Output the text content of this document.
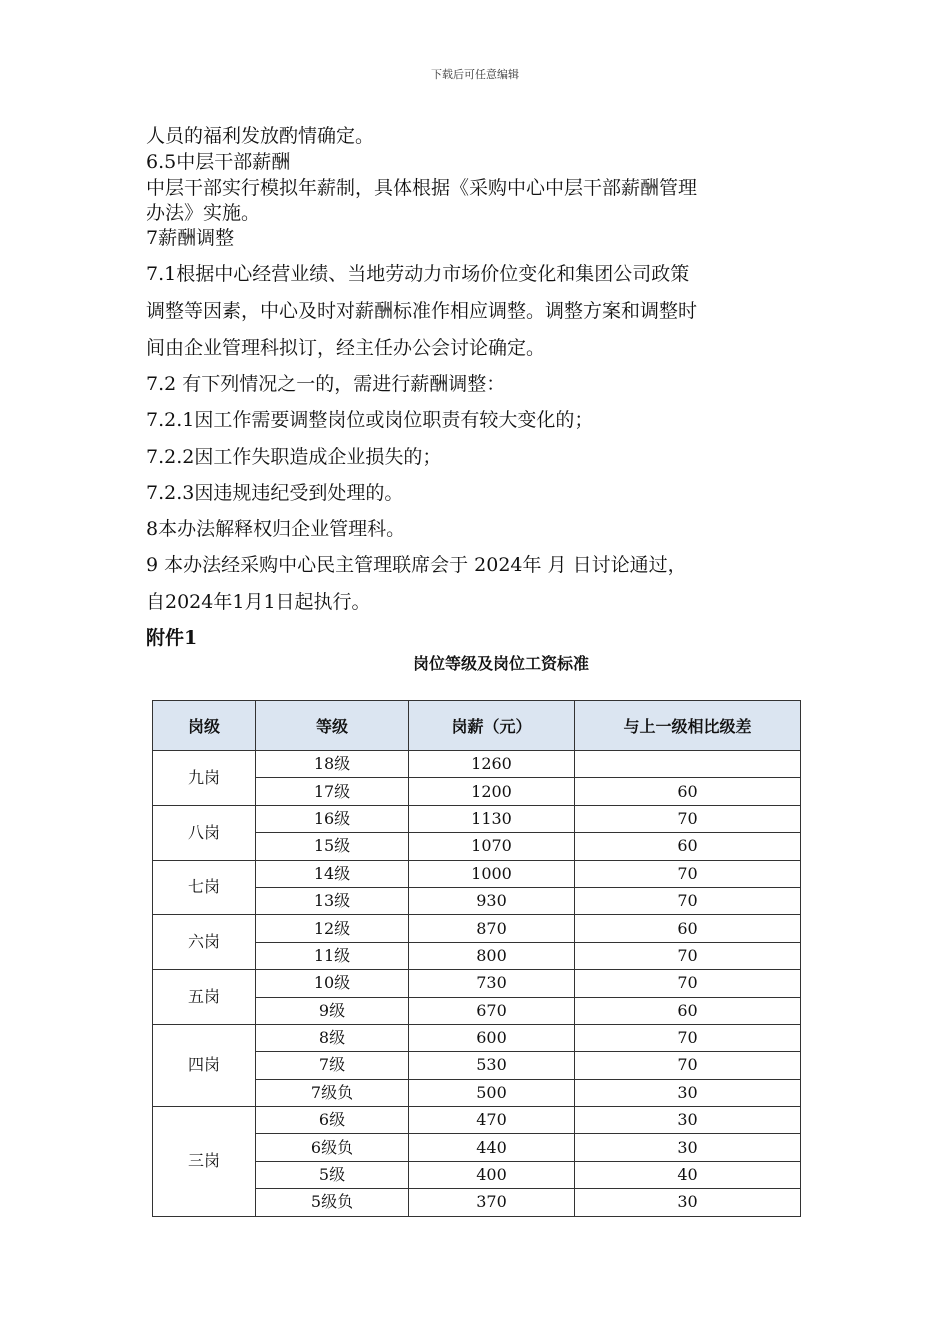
下载后可任意编辑
人员的福利发放酌情确定。
6.5中层干部薪酬
中层干部实行模拟年薪制，具体根据《采购中心中层干部薪酬管理
办法》实施。
7薪酬调整
7.1根据中心经营业绩、当地劳动力市场价位变化和集团公司政策
调整等因素，中心及时对薪酬标准作相应调整。调整方案和调整时
间由企业管理科拟订，经主任办公会讨论确定。
7.2 有下列情况之一的，需进行薪酬调整：
7.2.1因工作需要调整岗位或岗位职责有较大变化的；
7.2.2因工作失职造成企业损失的；
7.2.3因违规违纪受到处理的。
8本办法解释权归企业管理科。
9 本办法经采购中心民主管理联席会于 2024年 月 日讨论通过，
自2024年1月1日起执行。
附件1
岗位等级及岗位工资标准
岗级	等级	岗薪（元）	与上一级相比级差
九岗	18级	1260	
	17级	1200	60
八岗	16级	1130	70
	15级	1070	60
七岗	14级	1000	70
	13级	930	70
六岗	12级	870	60
	11级	800	70
五岗	10级	730	70
	9级	670	60
四岗	8级	600	70
	7级	530	70
	7级负	500	30
三岗	6级	470	30
	6级负	440	30
	5级	400	40
	5级负	370	30
